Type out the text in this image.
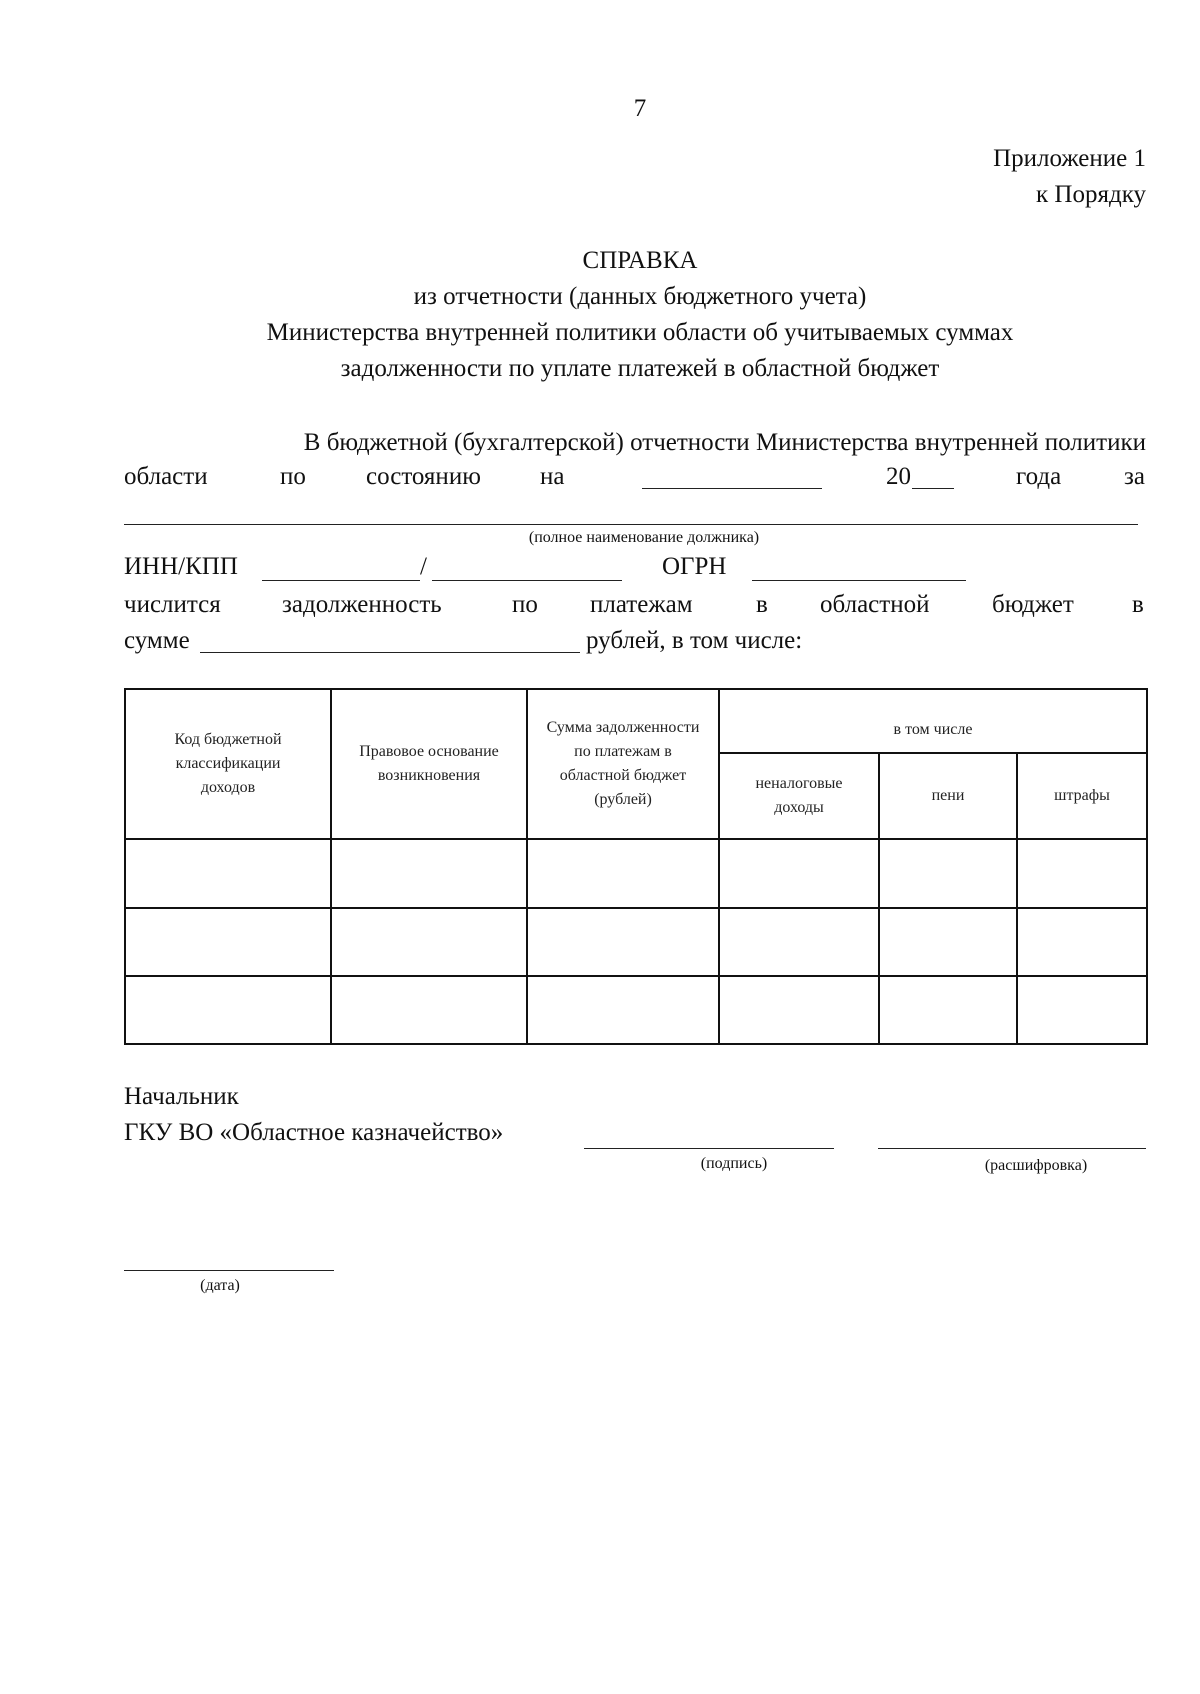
7
Приложение 1
к Порядку
СПРАВКА
из отчетности (данных бюджетного учета)
Министерства внутренней политики области об учитываемых суммах
задолженности по уплате платежей в областной бюджет
В бюджетной (бухгалтерской) отчетности Министерства внутренней политики
области	по состоянию на	20	года	за
(полное наименование должника)
ИНН/КПП	/	ОГРН
числится задолженность	по платежам	в областной	бюджет в
сумме	рублей, в том числе:
Код бюджетной классификации доходов	Правовое основание возникновения	Сумма задолженности по платежам в областной бюджет (рублей)	в том числе		
			неналоговые доходы	пени	штрафы

Начальник
ГКУ ВО «Областное казначейство»
(подпись)	(расшифровка)
(дата)
